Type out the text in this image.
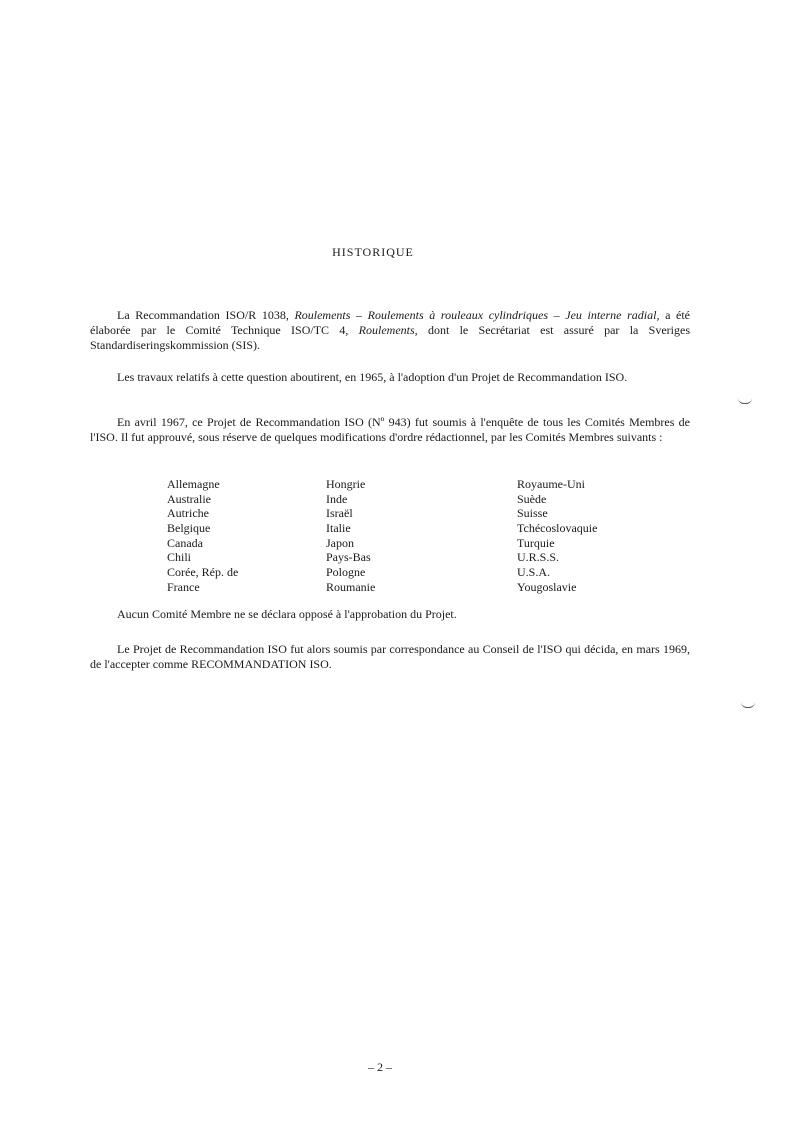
HISTORIQUE

La Recommandation ISO/R 1038, Roulements – Roulements à rouleaux cylindriques – Jeu interne radial, a été élaborée par le Comité Technique ISO/TC 4, Roulements, dont le Secrétariat est assuré par la Sveriges Standardiseringskommission (SIS).

Les travaux relatifs à cette question aboutirent, en 1965, à l'adoption d'un Projet de Recommandation ISO.

En avril 1967, ce Projet de Recommandation ISO (Nº 943) fut soumis à l'enquête de tous les Comités Membres de l'ISO. Il fut approuvé, sous réserve de quelques modifications d'ordre rédactionnel, par les Comités Membres suivants :

Allemagne
Australie
Autriche
Belgique
Canada
Chili
Corée, Rép. de
France
Hongrie
Inde
Israël
Italie
Japon
Pays-Bas
Pologne
Roumanie
Royaume-Uni
Suède
Suisse
Tchécoslovaquie
Turquie
U.R.S.S.
U.S.A.
Yougoslavie

Aucun Comité Membre ne se déclara opposé à l'approbation du Projet.

Le Projet de Recommandation ISO fut alors soumis par correspondance au Conseil de l'ISO qui décida, en mars 1969, de l'accepter comme RECOMMANDATION ISO.

– 2 –
